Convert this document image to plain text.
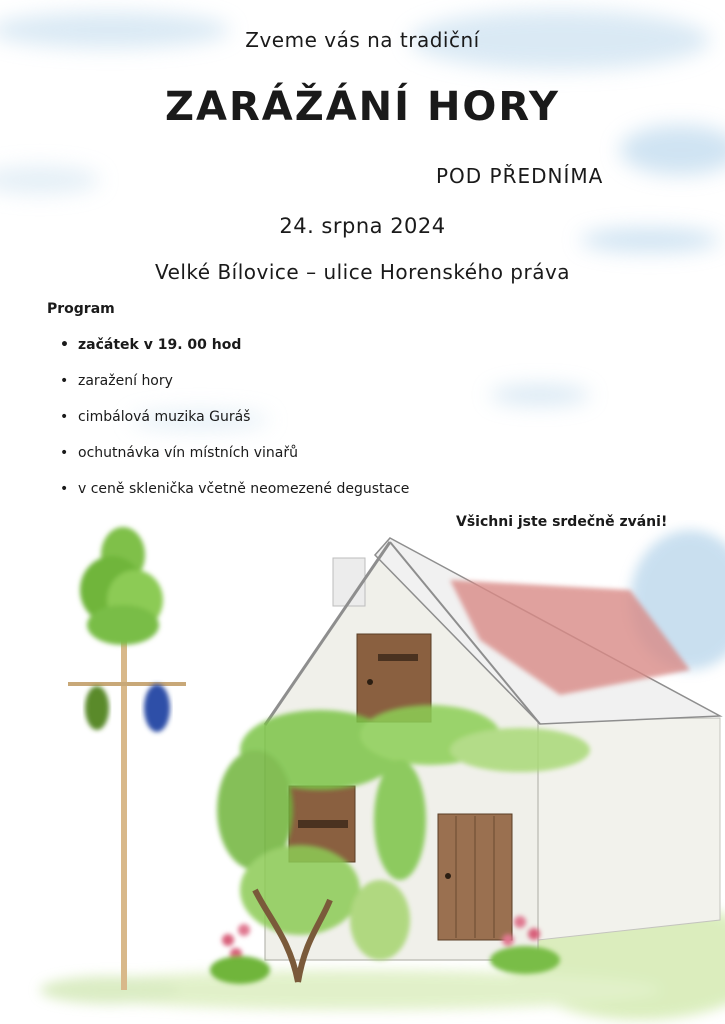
Zveme vás na tradiční
ZARÁŽÁNÍ HORY
POD PŘEDNÍMA
24. srpna 2024
Velké Bílovice – ulice Horenského práva
Program
• začátek v 19. 00 hod
• zaražení hory
• cimbálová muzika Guráš
• ochutnávka vín místních vinařů
• v ceně sklenička včetně neomezené degustace
Všichni jste srdečně zváni!
